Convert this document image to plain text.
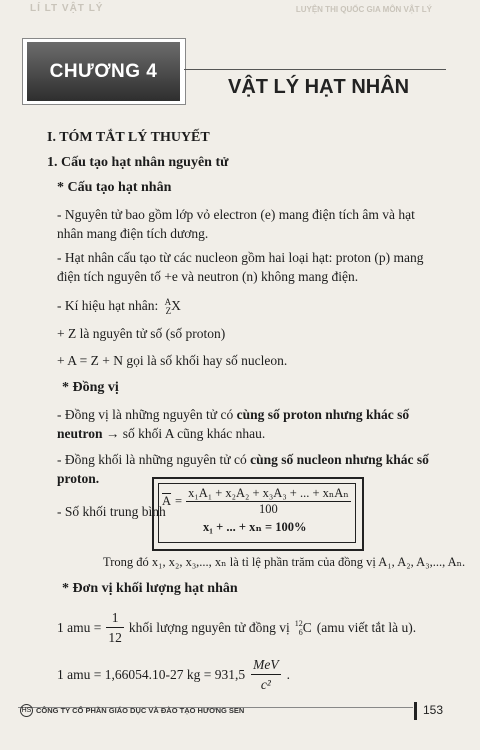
LÍ LT VẬT LÝ	LUYỆN THI QUỐC GIA MÔN VẬT LÝ
CHƯƠNG 4
VẬT LÝ HẠT NHÂN
I. TÓM TẮT LÝ THUYẾT
1. Cấu tạo hạt nhân nguyên tử
* Cấu tạo hạt nhân
- Nguyên tử bao gồm lớp vỏ electron (e) mang điện tích âm và hạt nhân mang điện tích dương.
- Hạt nhân cấu tạo từ các nucleon gồm hai loại hạt: proton (p) mang điện tích nguyên tố +e và neutron (n) không mang điện.
- Kí hiệu hạt nhân: A
Z X
+ Z là nguyên tử số (số proton)
+ A = Z + N gọi là số khối hay số nucleon.
* Đồng vị
- Đồng vị là những nguyên tử có cùng số proton nhưng khác số neutron → số khối A cũng khác nhau.
- Đồng khối là những nguyên tử có cùng số nucleon nhưng khác số proton.
- Số khối trung bình
$\overline{A} = \frac{\text{x₁A₁ + x₂A₂ + x₃A₃ + ... + xₙAₙ}}{100}$
x₁ + ... + xₙ = 100%
Trong đó x₁, x₂, x₃,..., xₙ là tỉ lệ phần trăm của đồng vị A₁, A₂, A₃,..., Aₙ.
* Đơn vị khối lượng hạt nhân
1 amu = $\frac{1}{12}$ khối lượng nguyên tử đồng vị 12
6 C (amu viết tắt là u).
1 amu = 1,66054.10-27 kg = $931,5 \frac{\text{MeV}}{\text{c²}}$ .
HS CÔNG TY CỔ PHẦN GIÁO DỤC VÀ ĐÀO TẠO HƯƠNG SEN	153
